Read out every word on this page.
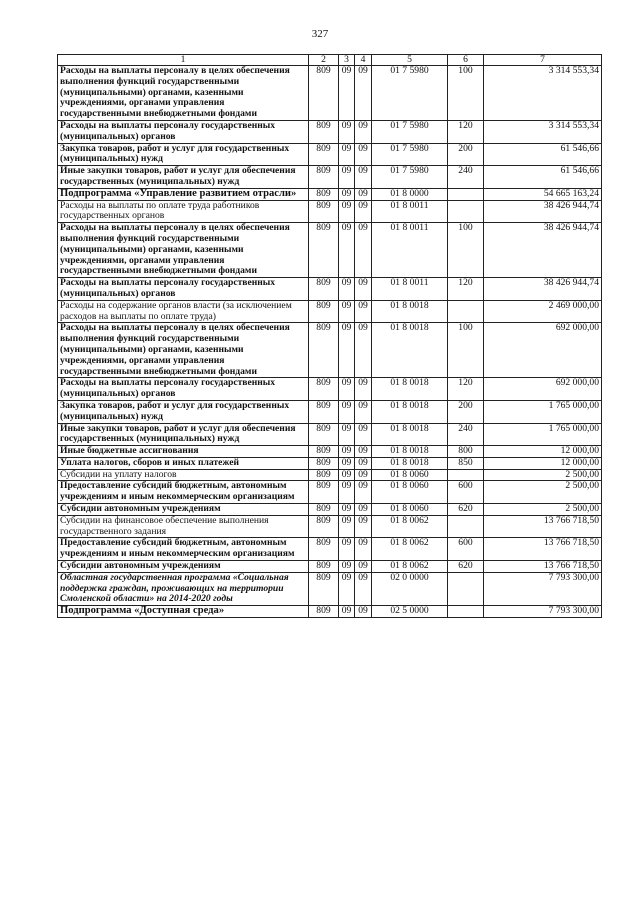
327
1	2	3	4	5	6	7
Расходы на выплаты персоналу в целях обеспечения выполнения функций государственными (муниципальными) органами, казенными учреждениями, органами управления государственными внебюджетными фондами	809	09	09	01 7 5980	100	3 314 553,34
Расходы на выплаты персоналу государственных (муниципальных) органов	809	09	09	01 7 5980	120	3 314 553,34
Закупка товаров, работ и услуг для государственных (муниципальных) нужд	809	09	09	01 7 5980	200	61 546,66
Иные закупки товаров, работ и услуг для обеспечения государственных (муниципальных) нужд	809	09	09	01 7 5980	240	61 546,66
Подпрограмма «Управление развитием отрасли»	809	09	09	01 8 0000		54 665 163,24
Расходы на выплаты по оплате труда работников государственных органов	809	09	09	01 8 0011		38 426 944,74
Расходы на выплаты персоналу в целях обеспечения выполнения функций государственными (муниципальными) органами, казенными учреждениями, органами управления государственными внебюджетными фондами	809	09	09	01 8 0011	100	38 426 944,74
Расходы на выплаты персоналу государственных (муниципальных) органов	809	09	09	01 8 0011	120	38 426 944,74
Расходы на содержание органов власти (за исключением расходов на выплаты по оплате труда)	809	09	09	01 8 0018		2 469 000,00
Расходы на выплаты персоналу в целях обеспечения выполнения функций государственными (муниципальными) органами, казенными учреждениями, органами управления государственными внебюджетными фондами	809	09	09	01 8 0018	100	692 000,00
Расходы на выплаты персоналу государственных (муниципальных) органов	809	09	09	01 8 0018	120	692 000,00
Закупка товаров, работ и услуг для государственных (муниципальных) нужд	809	09	09	01 8 0018	200	1 765 000,00
Иные закупки товаров, работ и услуг для обеспечения государственных (муниципальных) нужд	809	09	09	01 8 0018	240	1 765 000,00
Иные бюджетные ассигнования	809	09	09	01 8 0018	800	12 000,00
Уплата налогов, сборов и иных платежей	809	09	09	01 8 0018	850	12 000,00
Субсидии на уплату налогов	809	09	09	01 8 0060		2 500,00
Предоставление субсидий бюджетным, автономным учреждениям и иным некоммерческим организациям	809	09	09	01 8 0060	600	2 500,00
Субсидии автономным учреждениям	809	09	09	01 8 0060	620	2 500,00
Субсидии на финансовое обеспечение выполнения государственного задания	809	09	09	01 8 0062		13 766 718,50
Предоставление субсидий бюджетным, автономным учреждениям и иным некоммерческим организациям	809	09	09	01 8 0062	600	13 766 718,50
Субсидии автономным учреждениям	809	09	09	01 8 0062	620	13 766 718,50
Областная государственная программа «Социальная поддержка граждан, проживающих на территории Смоленской области» на 2014-2020 годы	809	09	09	02 0 0000		7 793 300,00
Подпрограмма «Доступная среда»	809	09	09	02 5 0000		7 793 300,00
